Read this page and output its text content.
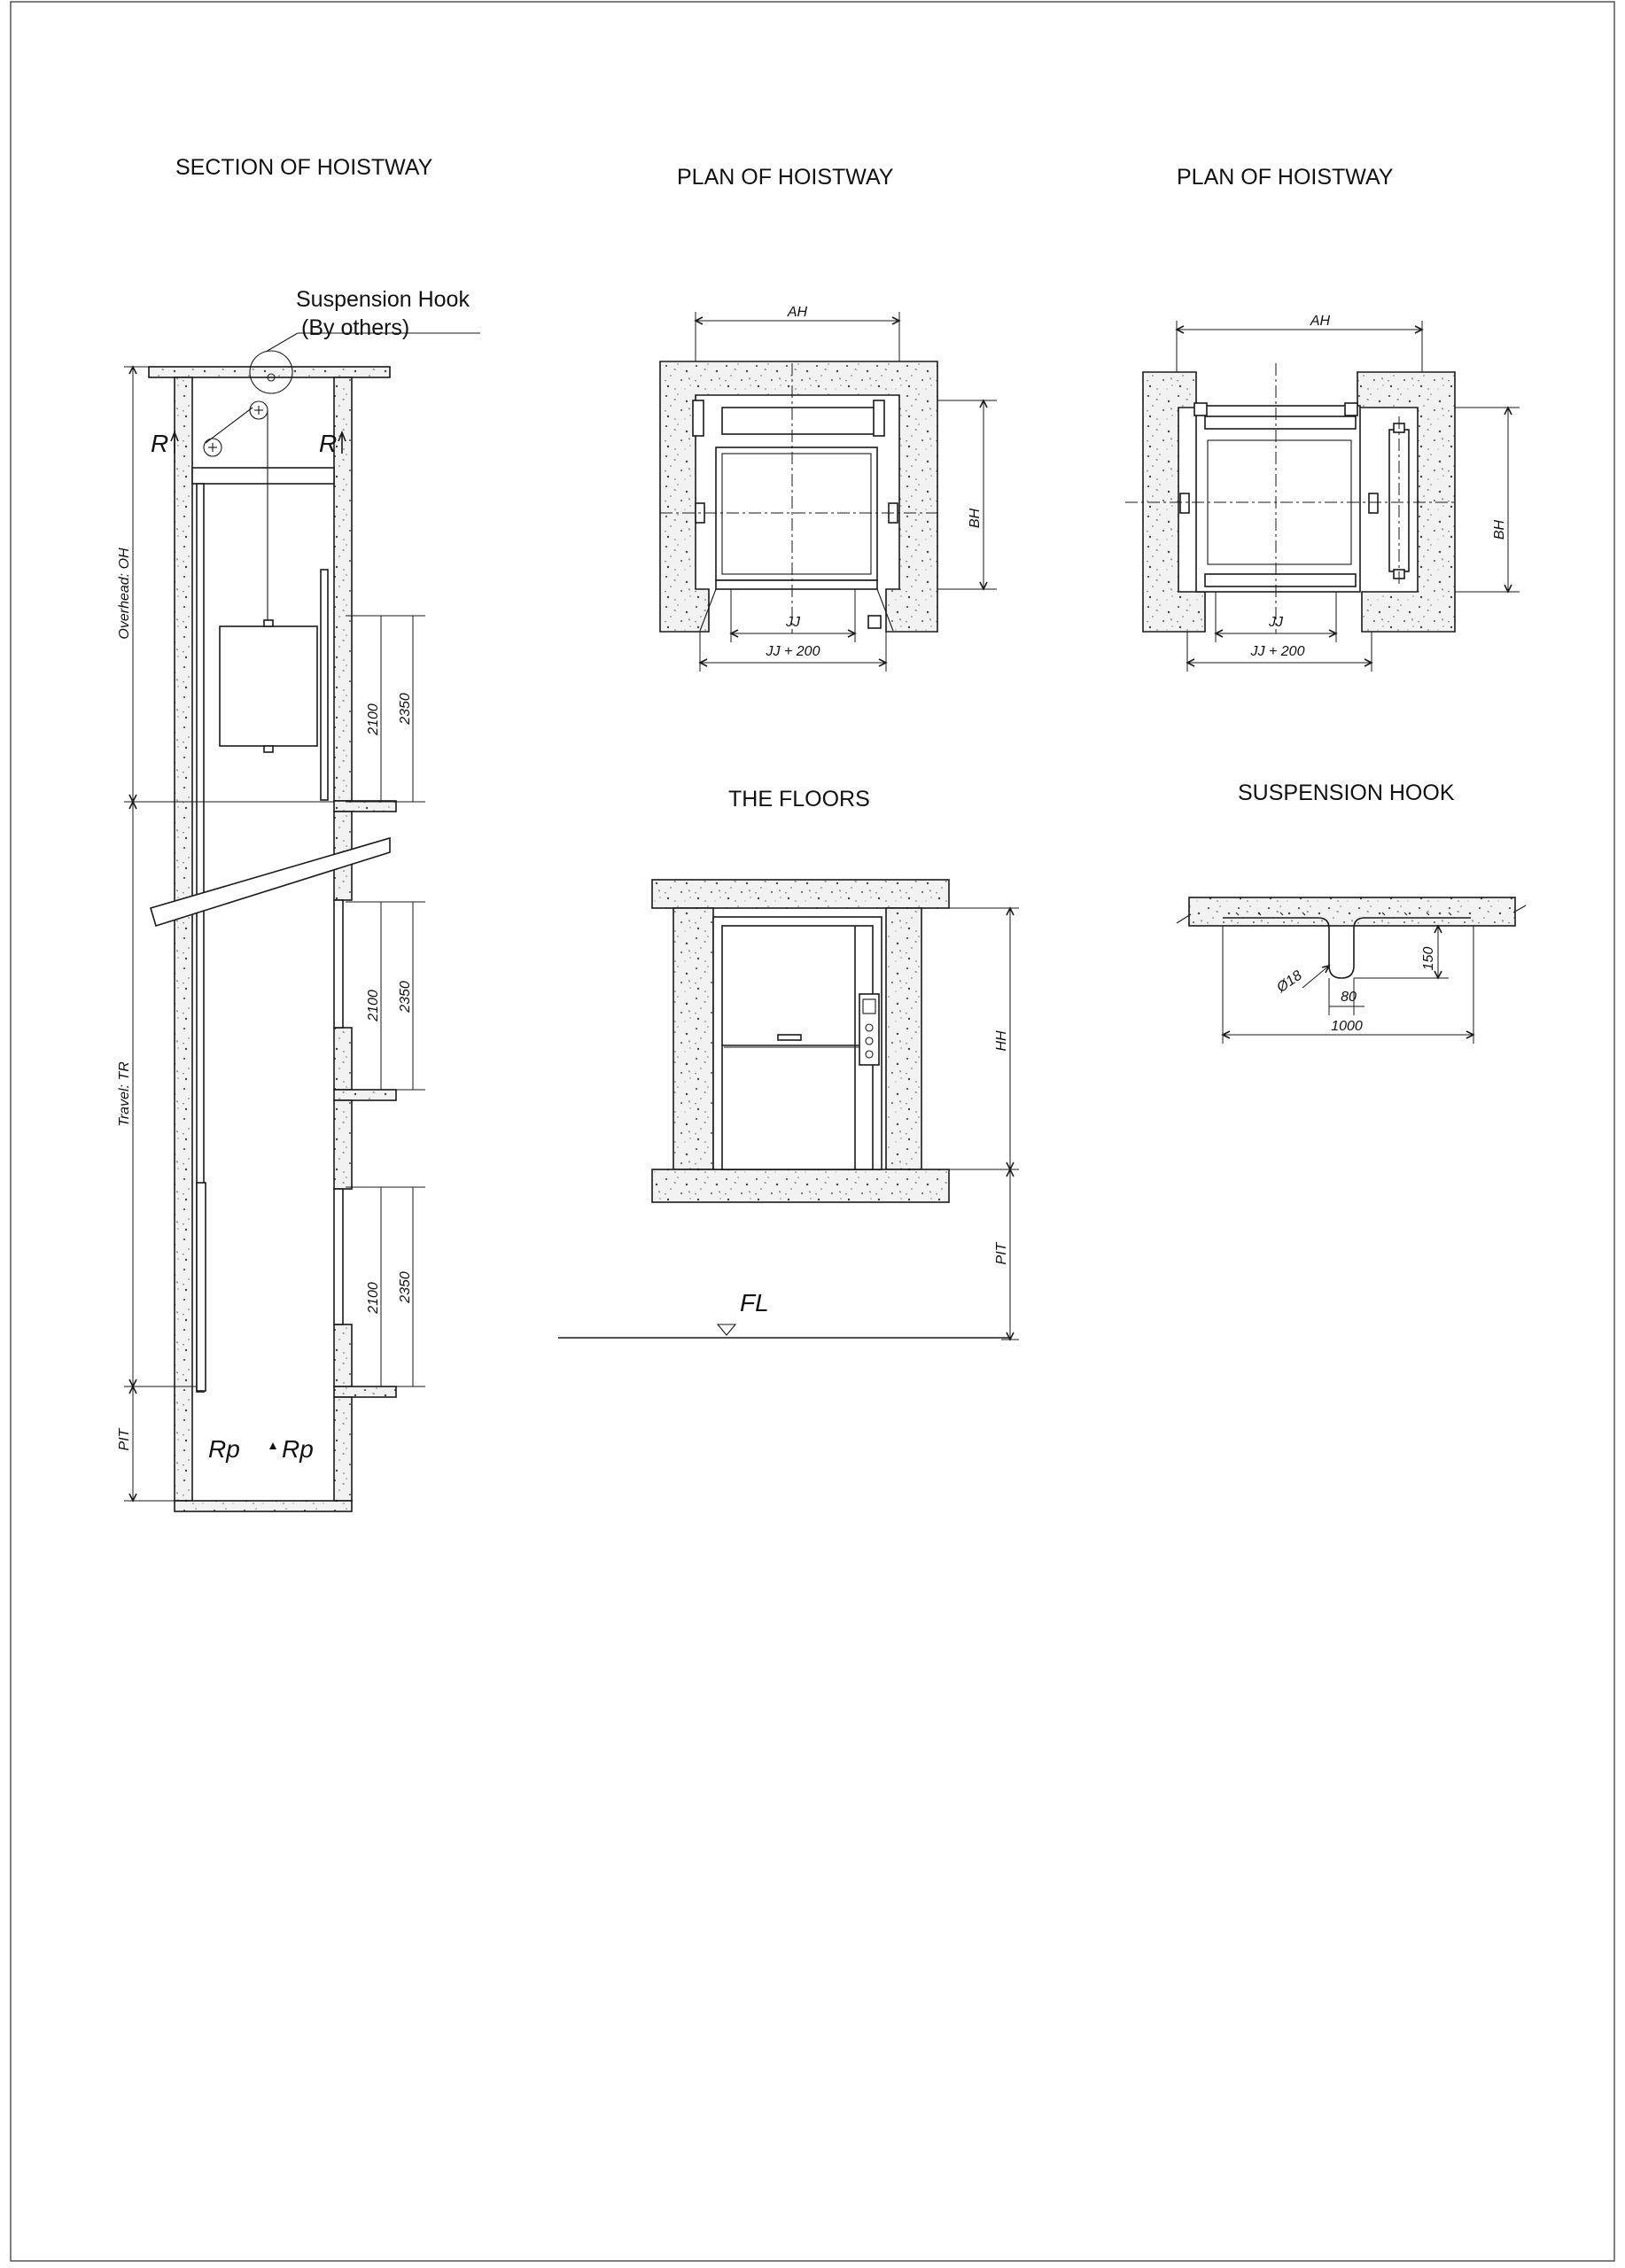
SECTION OF HOISTWAY
Suspension Hook
(By others)
R	R
Overhead: OH
Travel: TR
PIT	Rp Rp
2100 2350
2100 2350
2100 2350
PLAN OF HOISTWAY
AH
BH
JJ
JJ + 200
PLAN OF HOISTWAY
AH
BH
JJ
JJ + 200
THE FLOORS
HH
PIT
FL
SUSPENSION HOOK
150
80
Ø18
1000
